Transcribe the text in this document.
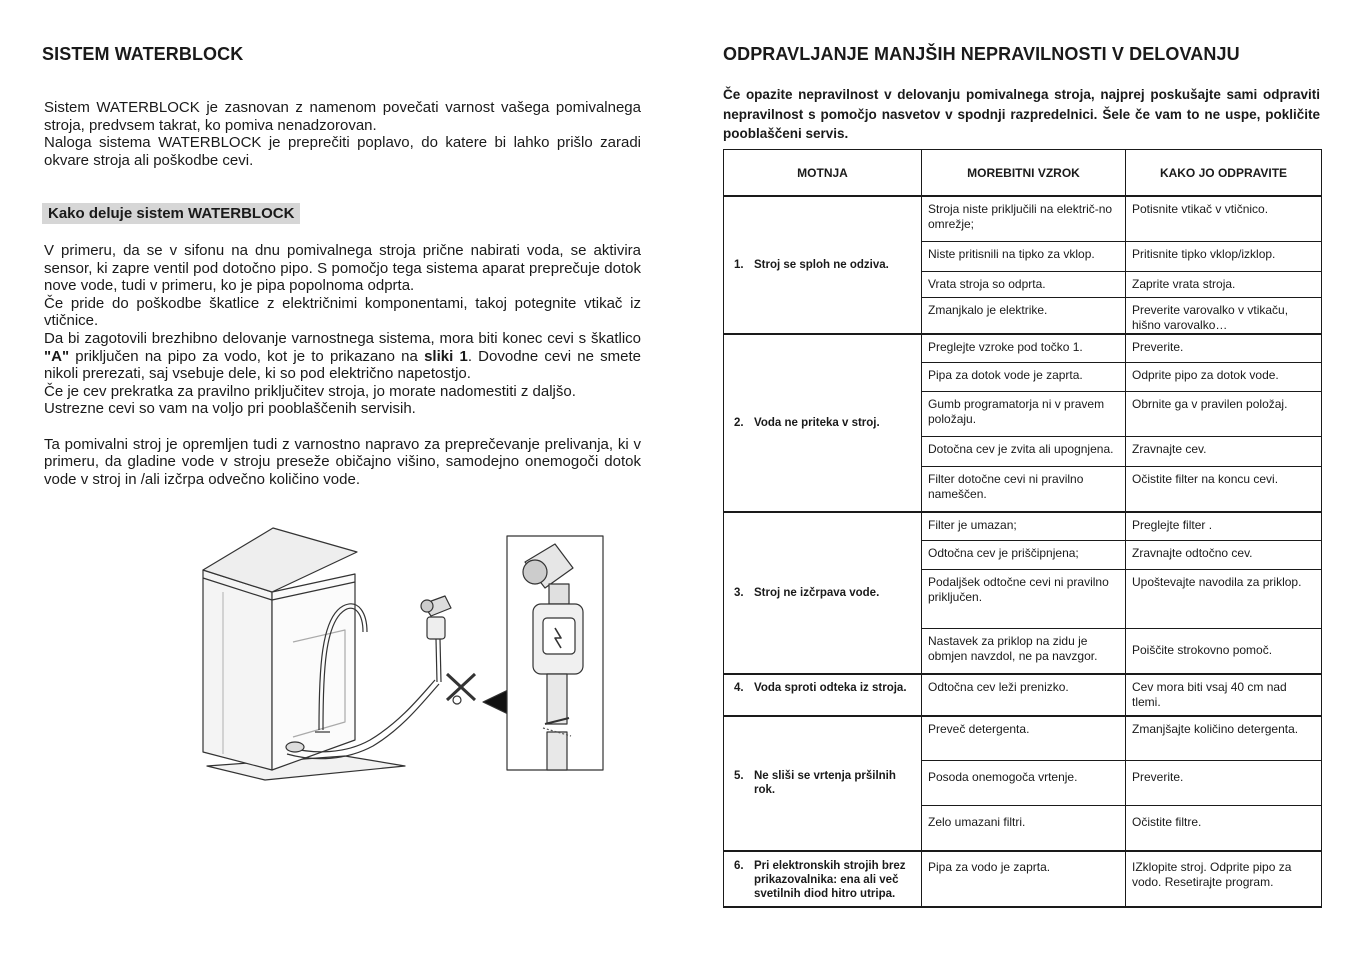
SISTEM WATERBLOCK

Sistem WATERBLOCK je zasnovan z namenom povečati varnost vašega pomivalnega stroja, predvsem takrat, ko pomiva nenadzorovan.

Naloga sistema WATERBLOCK je preprečiti poplavo, do katere bi lahko prišlo zaradi okvare stroja ali poškodbe cevi.

Kako deluje sistem WATERBLOCK

V primeru, da se v sifonu na dnu pomivalnega stroja prične nabirati voda, se aktivira sensor, ki zapre ventil pod dotočno pipo. S pomočjo tega sistema aparat preprečuje dotok nove vode, tudi v primeru, ko je pipa popolnoma odprta.

Če pride do poškodbe škatlice z električnimi komponentami, takoj potegnite vtikač iz vtičnice.

Da bi zagotovili brezhibno delovanje varnostnega sistema, mora biti konec cevi s škatlico "A" priključen na pipo za vodo, kot je to prikazano na sliki 1. Dovodne cevi ne smete nikoli prerezati, saj vsebuje dele, ki so pod električno napetostjo.

Če je cev prekratka za pravilno priključitev stroja, jo morate nadomestiti z daljšo.

Ustrezne cevi so vam na voljo pri pooblaščenih servisih.

Ta pomivalni stroj je opremljen tudi z varnostno napravo za preprečevanje prelivanja, ki v primeru, da gladine vode v stroju preseže običajno višino, samodejno onemogoči dotok vode v stroj in /ali izčrpa odvečno količino vode.

ODPRAVLJANJE MANJŠIH NEPRAVILNOSTI V DELOVANJU
Če opazite nepravilnost v delovanju pomivalnega stroja, najprej poskušajte sami odpraviti nepravilnost s pomočjo nasvetov v spodnji razpredelnici. Šele če vam to ne uspe, pokličite pooblaščeni servis.
MOTNJA	MOREBITNI VZROK	KAKO JO ODPRAVITE
1. Stroj se sploh ne odziva.	Stroja niste priključili na električ-no omrežje;	Potisnite vtikač v vtičnico.
	Niste pritisnili na tipko za vklop.	Pritisnite tipko vklop/izklop.
	Vrata stroja so odprta.	Zaprite vrata stroja.
	Zmanjkalo je elektrike.	Preverite varovalko v vtikaču, hišno varovalko…
2. Voda ne priteka v stroj.	Preglejte vzroke pod točko 1.	Preverite.
	Pipa za dotok vode je zaprta.	Odprite pipo za dotok vode.
	Gumb programatorja ni v pravem položaju.	Obrnite ga v pravilen položaj.
	Dotočna cev je zvita ali upognjena.	Zravnajte cev.
	Filter dotočne cevi ni pravilno nameščen.	Očistite filter na koncu cevi.
3. Stroj ne izčrpava vode.	Filter je umazan;	Preglejte filter .
	Odtočna cev je priščipnjena;	Zravnajte odtočno cev.
	Podaljšek odtočne cevi ni pravilno priključen.	Upoštevajte navodila za priklop.
	Nastavek za priklop na zidu je obmjen navzdol, ne pa navzgor.	Poiščite strokovno pomoč.
4. Voda sproti odteka iz stroja.	Odtočna cev leži prenizko.	Cev mora biti vsaj 40 cm nad tlemi.
5. Ne sliši se vrtenja pršilnih rok.	Preveč detergenta.	Zmanjšajte količino detergenta.
	Posoda onemogoča vrtenje.	Preverite.
	Zelo umazani filtri.	Očistite filtre.
6. Pri elektronskih strojih brez prikazovalnika: ena ali več svetilnih diod hitro utripa.	Pipa za vodo je zaprta.	IZklopite stroj. Odprite pipo za vodo. Resetirajte program.
